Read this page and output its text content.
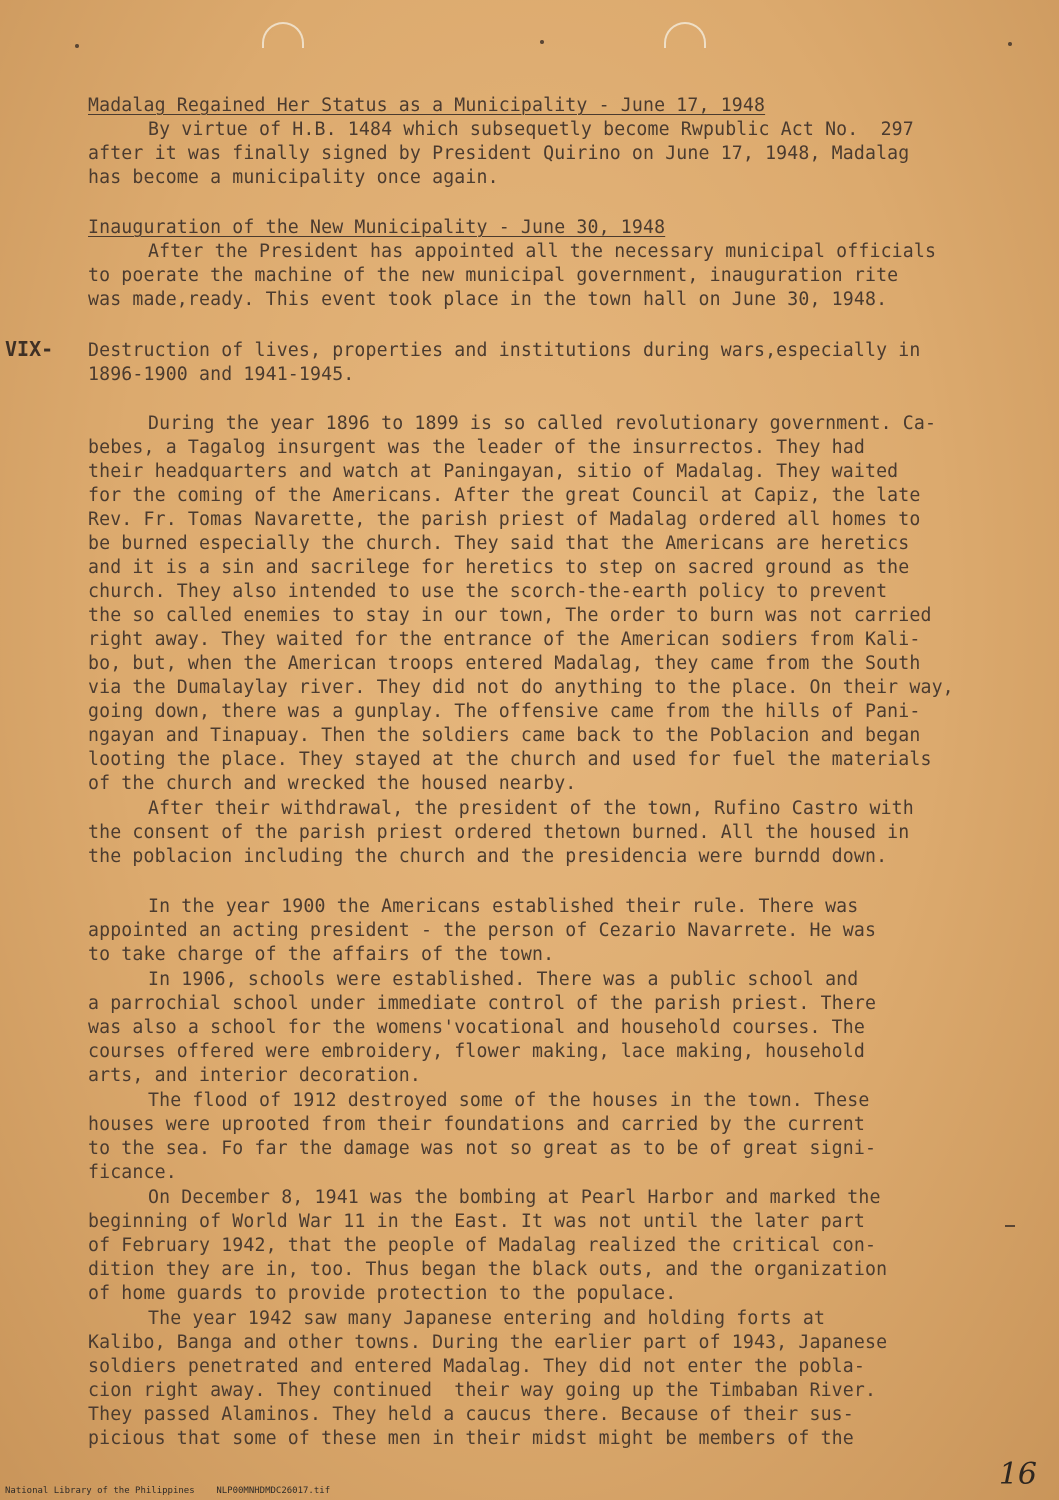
VIX-
Madalag Regained Her Status as a Municipality - June 17, 1948
By virtue of H.B. 1484 which subsequetly become Rwpublic Act No.  297
after it was finally signed by President Quirino on June 17, 1948, Madalag
has become a municipality once again.
Inauguration of the New Municipality - June 30, 1948
After the President has appointed all the necessary municipal officials
to poerate the machine of the new municipal government, inauguration rite
was made,ready. This event took place in the town hall on June 30, 1948.
Destruction of lives, properties and institutions during wars,especially in
1896-1900 and 1941-1945.
During the year 1896 to 1899 is so called revolutionary government. Ca-
bebes, a Tagalog insurgent was the leader of the insurrectos. They had
their headquarters and watch at Paningayan, sitio of Madalag. They waited
for the coming of the Americans. After the great Council at Capiz, the late
Rev. Fr. Tomas Navarette, the parish priest of Madalag ordered all homes to
be burned especially the church. They said that the Americans are heretics
and it is a sin and sacrilege for heretics to step on sacred ground as the
church. They also intended to use the scorch-the-earth policy to prevent
the so called enemies to stay in our town, The order to burn was not carried
right away. They waited for the entrance of the American sodiers from Kali-
bo, but, when the American troops entered Madalag, they came from the South
via the Dumalaylay river. They did not do anything to the place. On their way,
going down, there was a gunplay. The offensive came from the hills of Pani-
ngayan and Tinapuay. Then the soldiers came back to the Poblacion and began
looting the place. They stayed at the church and used for fuel the materials
of the church and wrecked the housed nearby.
After their withdrawal, the president of the town, Rufino Castro with
the consent of the parish priest ordered thetown burned. All the housed in
the poblacion including the church and the presidencia were burndd down.
In the year 1900 the Americans established their rule. There was
appointed an acting president - the person of Cezario Navarrete. He was
to take charge of the affairs of the town.
In 1906, schools were established. There was a public school and
a parrochial school under immediate control of the parish priest. There
was also a school for the womens'vocational and household courses. The
courses offered were embroidery, flower making, lace making, household
arts, and interior decoration.
The flood of 1912 destroyed some of the houses in the town. These
houses were uprooted from their foundations and carried by the current
to the sea. Fo far the damage was not so great as to be of great signi-
ficance.
On December 8, 1941 was the bombing at Pearl Harbor and marked the
beginning of World War 11 in the East. It was not until the later part
of February 1942, that the people of Madalag realized the critical con-
dition they are in, too. Thus began the black outs, and the organization
of home guards to provide protection to the populace.
The year 1942 saw many Japanese entering and holding forts at
Kalibo, Banga and other towns. During the earlier part of 1943, Japanese
soldiers penetrated and entered Madalag. They did not enter the pobla-
cion right away. They continued  their way going up the Timbaban River.
They passed Alaminos. They held a caucus there. Because of their sus-
picious that some of these men in their midst might be members of the
National Library of the Philippines    NLP00MNHDMDC26017.tif	16
